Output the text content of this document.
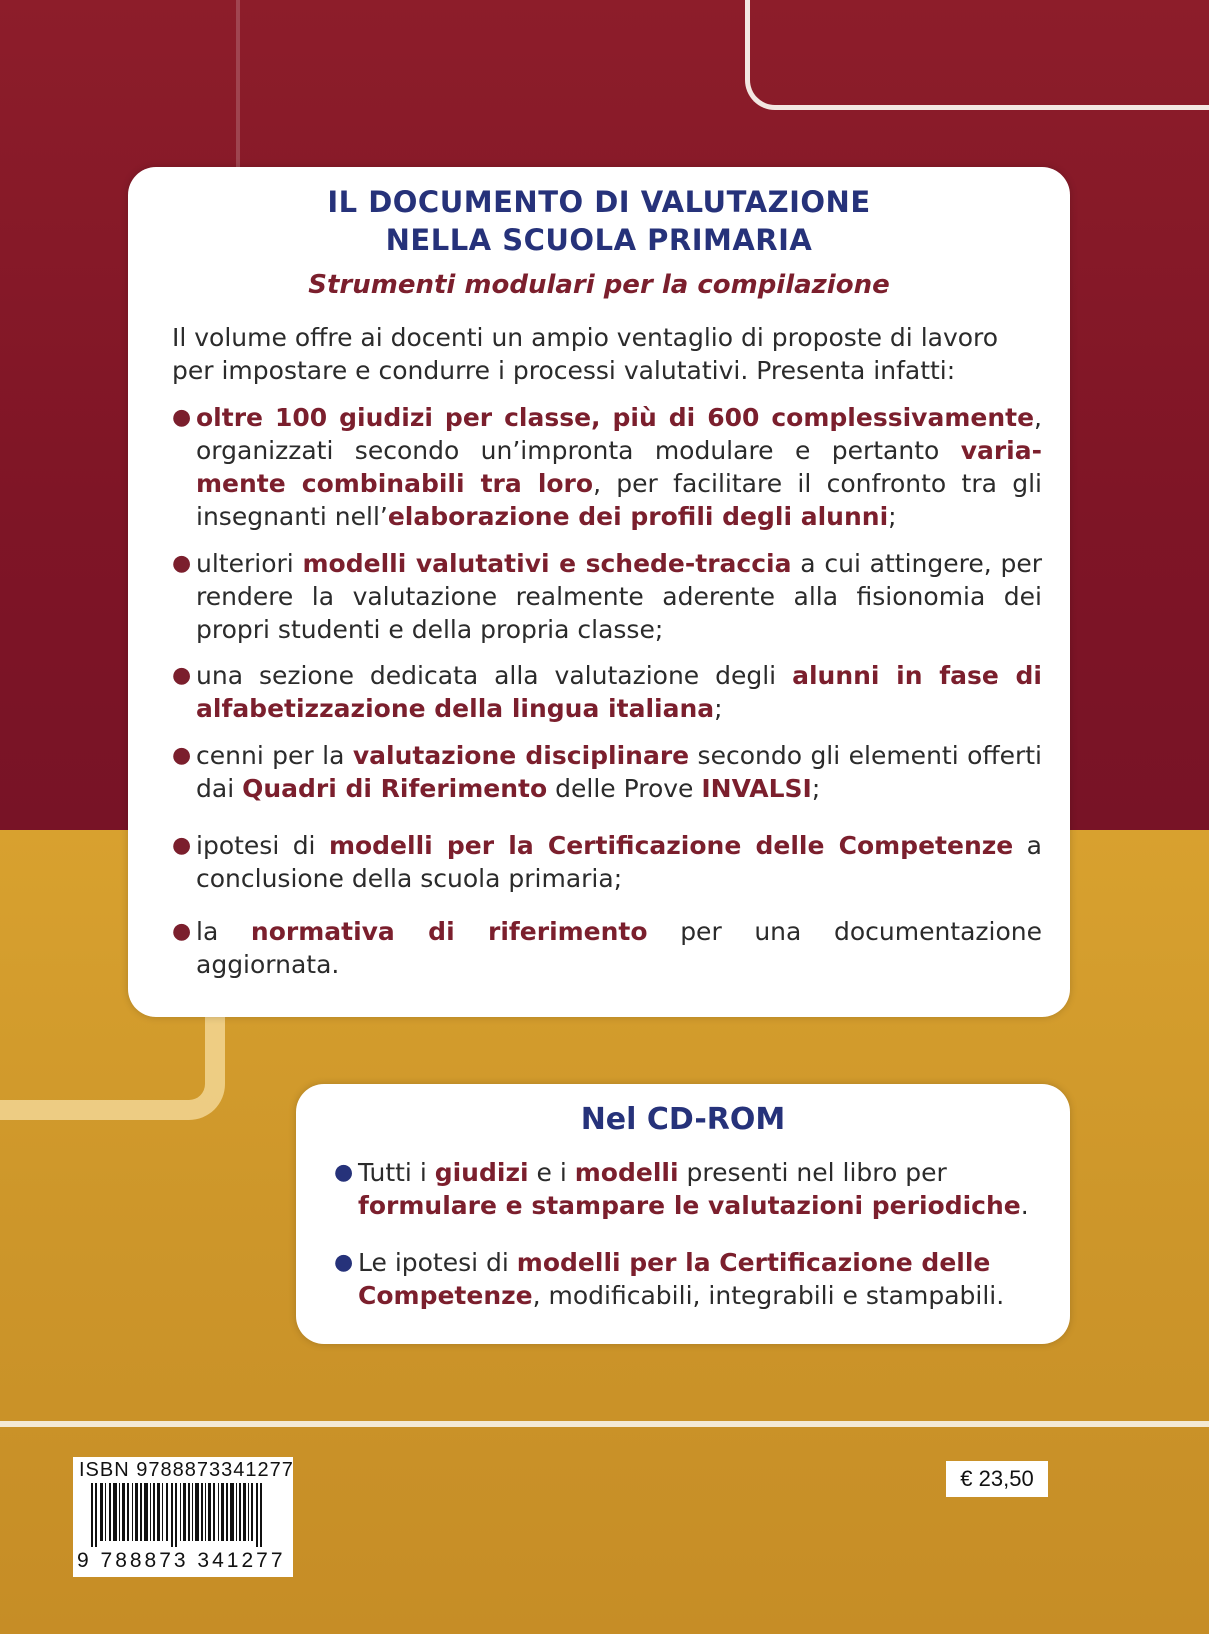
IL DOCUMENTO DI VALUTAZIONE
NELLA SCUOLA PRIMARIA
Strumenti modulari per la compilazione
Il volume offre ai docenti un ampio ventaglio di proposte di lavoro per impostare e condurre i processi valutativi. Presenta infatti:
● oltre 100 giudizi per classe, più di 600 complessivamente, organizzati secondo un’impronta modulare e pertanto varia-mente combinabili tra loro, per facilitare il confronto tra gli insegnanti nell’elaborazione dei profili degli alunni;
● ulteriori modelli valutativi e schede-traccia a cui attingere, per rendere la valutazione realmente aderente alla fisionomia dei propri studenti e della propria classe;
● una sezione dedicata alla valutazione degli alunni in fase di alfabetizzazione della lingua italiana;
● cenni per la valutazione disciplinare secondo gli elementi offerti dai Quadri di Riferimento delle Prove INVALSI;
● ipotesi di modelli per la Certificazione delle Competenze a conclusione della scuola primaria;
● la normativa di riferimento per una documentazione aggiornata.
Nel CD-ROM
● Tutti i giudizi e i modelli presenti nel libro per formulare e stampare le valutazioni periodiche.
● Le ipotesi di modelli per la Certificazione delle Competenze, modificabili, integrabili e stampabili.
ISBN 9788873341277
9 788873 341277
€ 23,50
